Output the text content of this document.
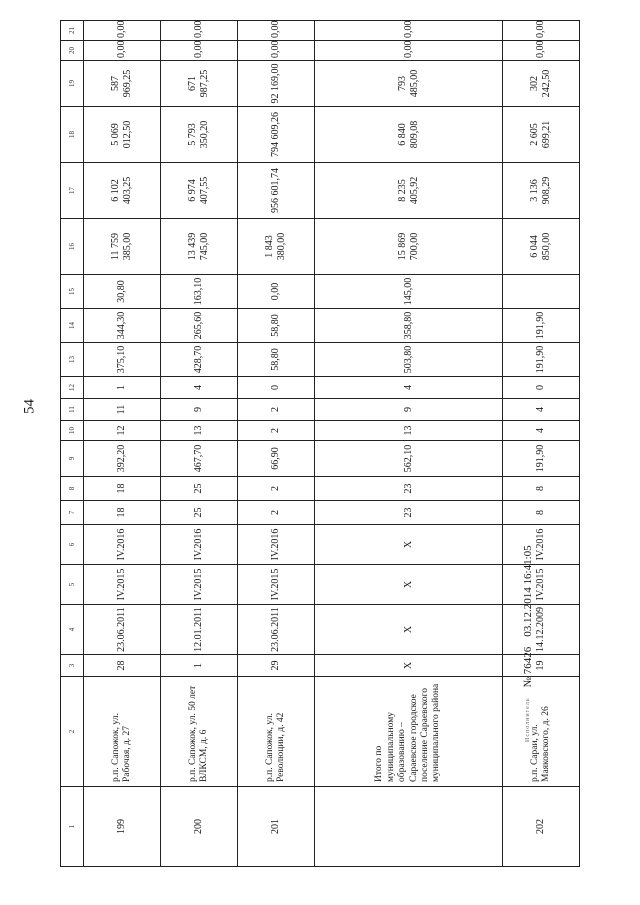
54
Исполнитель
№ 76426
03.12.2014 16:41:05
1	2	3	4	5	6	7	8	9	10	11	12	13	14	15	16	17	18	19	20	21
199	р.п. Сапожок, ул. Рабочая, д. 27	28	23.06.2011	IV.2015	IV.2016	18	18	392,20	12	11	1	375,10	344,30	30,80	11 759 385,00	6 102 403,25	5 069 012,50	587 969,25	0,00	0,00
200	р.п. Сапожок, ул. 50 лет ВЛКСМ, д. 6	1	12.01.2011	IV.2015	IV.2016	25	25	467,70	13	9	4	428,70	265,60	163,10	13 439 745,00	6 974 407,55	5 793 350,20	671 987,25	0,00	0,00
201	р.п. Сапожок, ул. Революции, д. 42	29	23.06.2011	IV.2015	IV.2016	2	2	66,90	2	2	0	58,80	58,80	0,00	1 843 380,00	956 601,74	794 609,26	92 169,00	0,00	0,00
	Итого по муниципальному образованию – Сараевское городское поселение Сараевского муниципального района	X	X	X	X	23	23	562,10	13	9	4	503,80	358,80	145,00	15 869 700,00	8 235 405,92	6 840 809,08	793 485,00	0,00	0,00
202	р.п. Сараи, ул. Маяковского, д. 26	19	14.12.2009	IV.2015	IV.2016	8	8	191,90	4	4	0	191,90	191,90		6 044 850,00	3 136 908,29	2 605 699,21	302 242,50	0,00	0,00
